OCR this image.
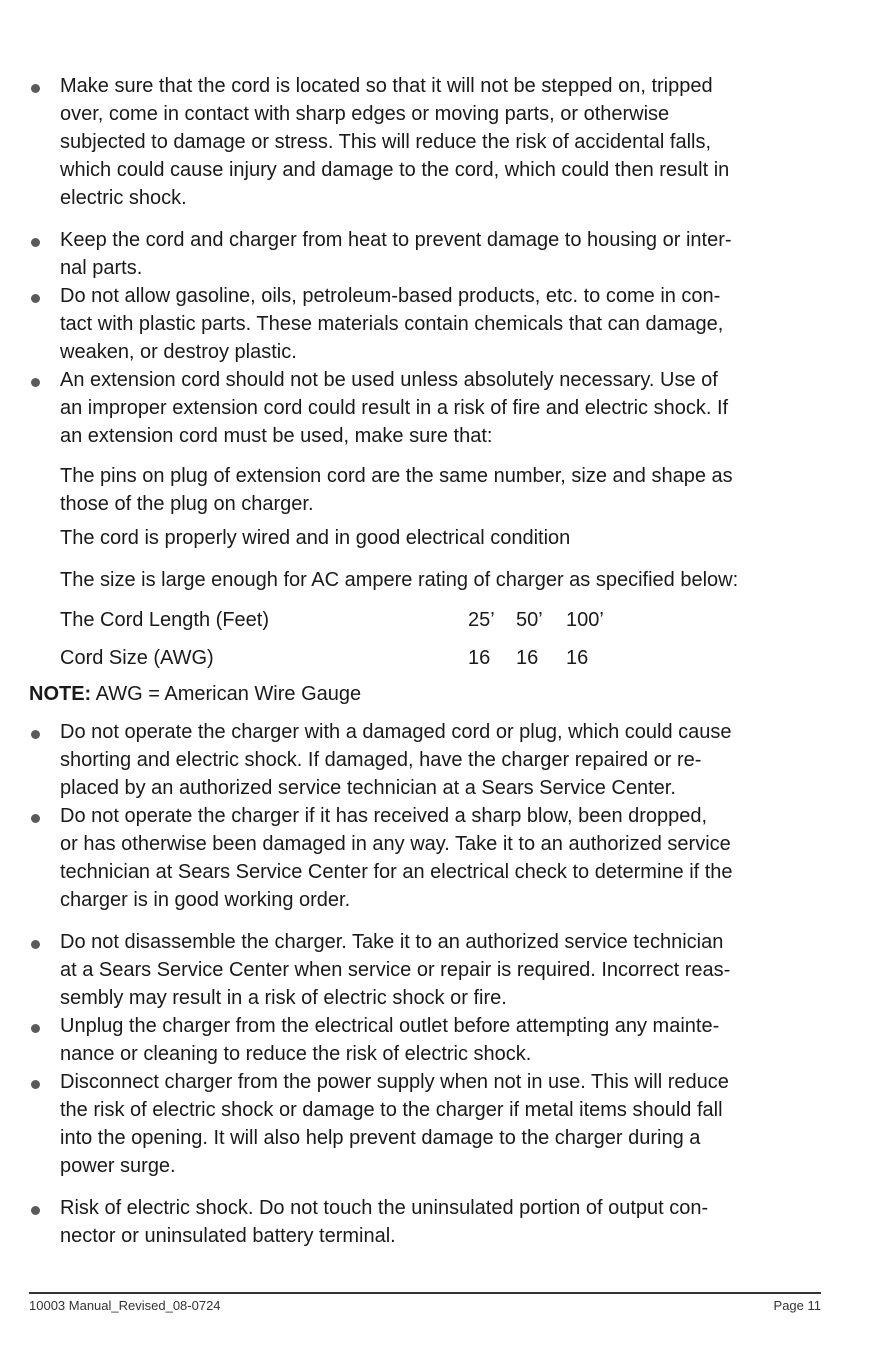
Make sure that the cord is located so that it will not be stepped on, tripped
over, come in contact with sharp edges or moving parts, or otherwise
subjected to damage or stress. This will reduce the risk of accidental falls,
which could cause injury and damage to the cord, which could then result in
electric shock.
Keep the cord and charger from heat to prevent damage to housing or inter-
nal parts.
Do not allow gasoline, oils, petroleum-based products, etc. to come in con-
tact with plastic parts. These materials contain chemicals that can damage,
weaken, or destroy plastic.
An extension cord should not be used unless absolutely necessary. Use of
an improper extension cord could result in a risk of fire and electric shock. If
an extension cord must be used, make sure that:
The pins on plug of extension cord are the same number, size and shape as
those of the plug on charger.
The cord is properly wired and in good electrical condition
The size is large enough for AC ampere rating of charger as specified below:
The Cord Length (Feet)	25’ 50’ 100’
Cord Size (AWG)	16 16 16
NOTE: AWG = American Wire Gauge
Do not operate the charger with a damaged cord or plug, which could cause
shorting and electric shock. If damaged, have the charger repaired or re-
placed by an authorized service technician at a Sears Service Center.
Do not operate the charger if it has received a sharp blow, been dropped,
or has otherwise been damaged in any way. Take it to an authorized service
technician at Sears Service Center for an electrical check to determine if the
charger is in good working order.
Do not disassemble the charger. Take it to an authorized service technician
at a Sears Service Center when service or repair is required. Incorrect reas-
sembly may result in a risk of electric shock or fire.
Unplug the charger from the electrical outlet before attempting any mainte-
nance or cleaning to reduce the risk of electric shock.
Disconnect charger from the power supply when not in use. This will reduce
the risk of electric shock or damage to the charger if metal items should fall
into the opening. It will also help prevent damage to the charger during a
power surge.
Risk of electric shock. Do not touch the uninsulated portion of output con-
nector or uninsulated battery terminal.
10003 Manual_Revised_08-0724	Page 11
